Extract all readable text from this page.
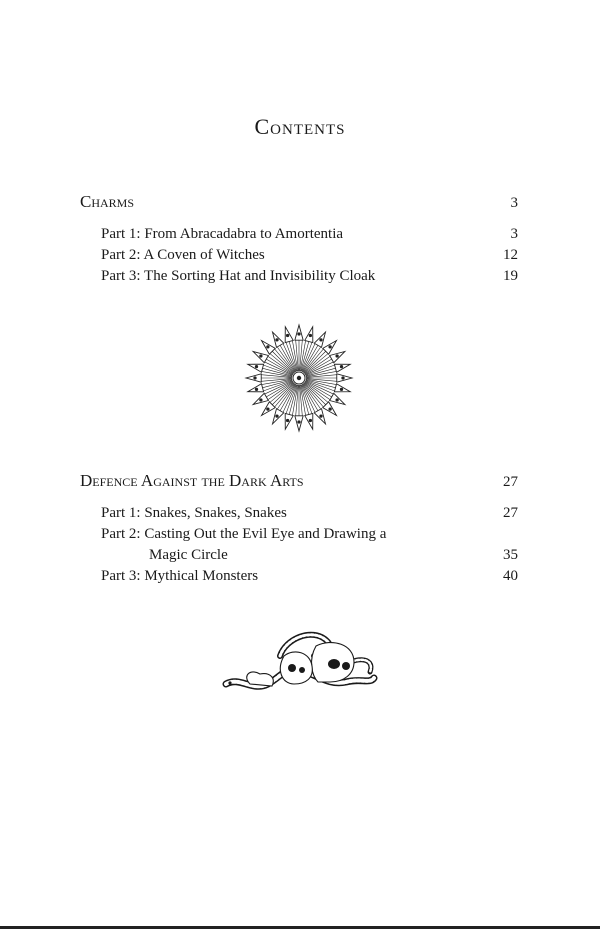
Contents
Charms	3
Part 1: From Abracadabra to Amortentia	3
Part 2: A Coven of Witches	12
Part 3: The Sorting Hat and Invisibility Cloak	19
Defence Against the Dark Arts	27
Part 1: Snakes, Snakes, Snakes	27
Part 2: Casting Out the Evil Eye and Drawing a
Magic Circle	35
Part 3: Mythical Monsters	40
